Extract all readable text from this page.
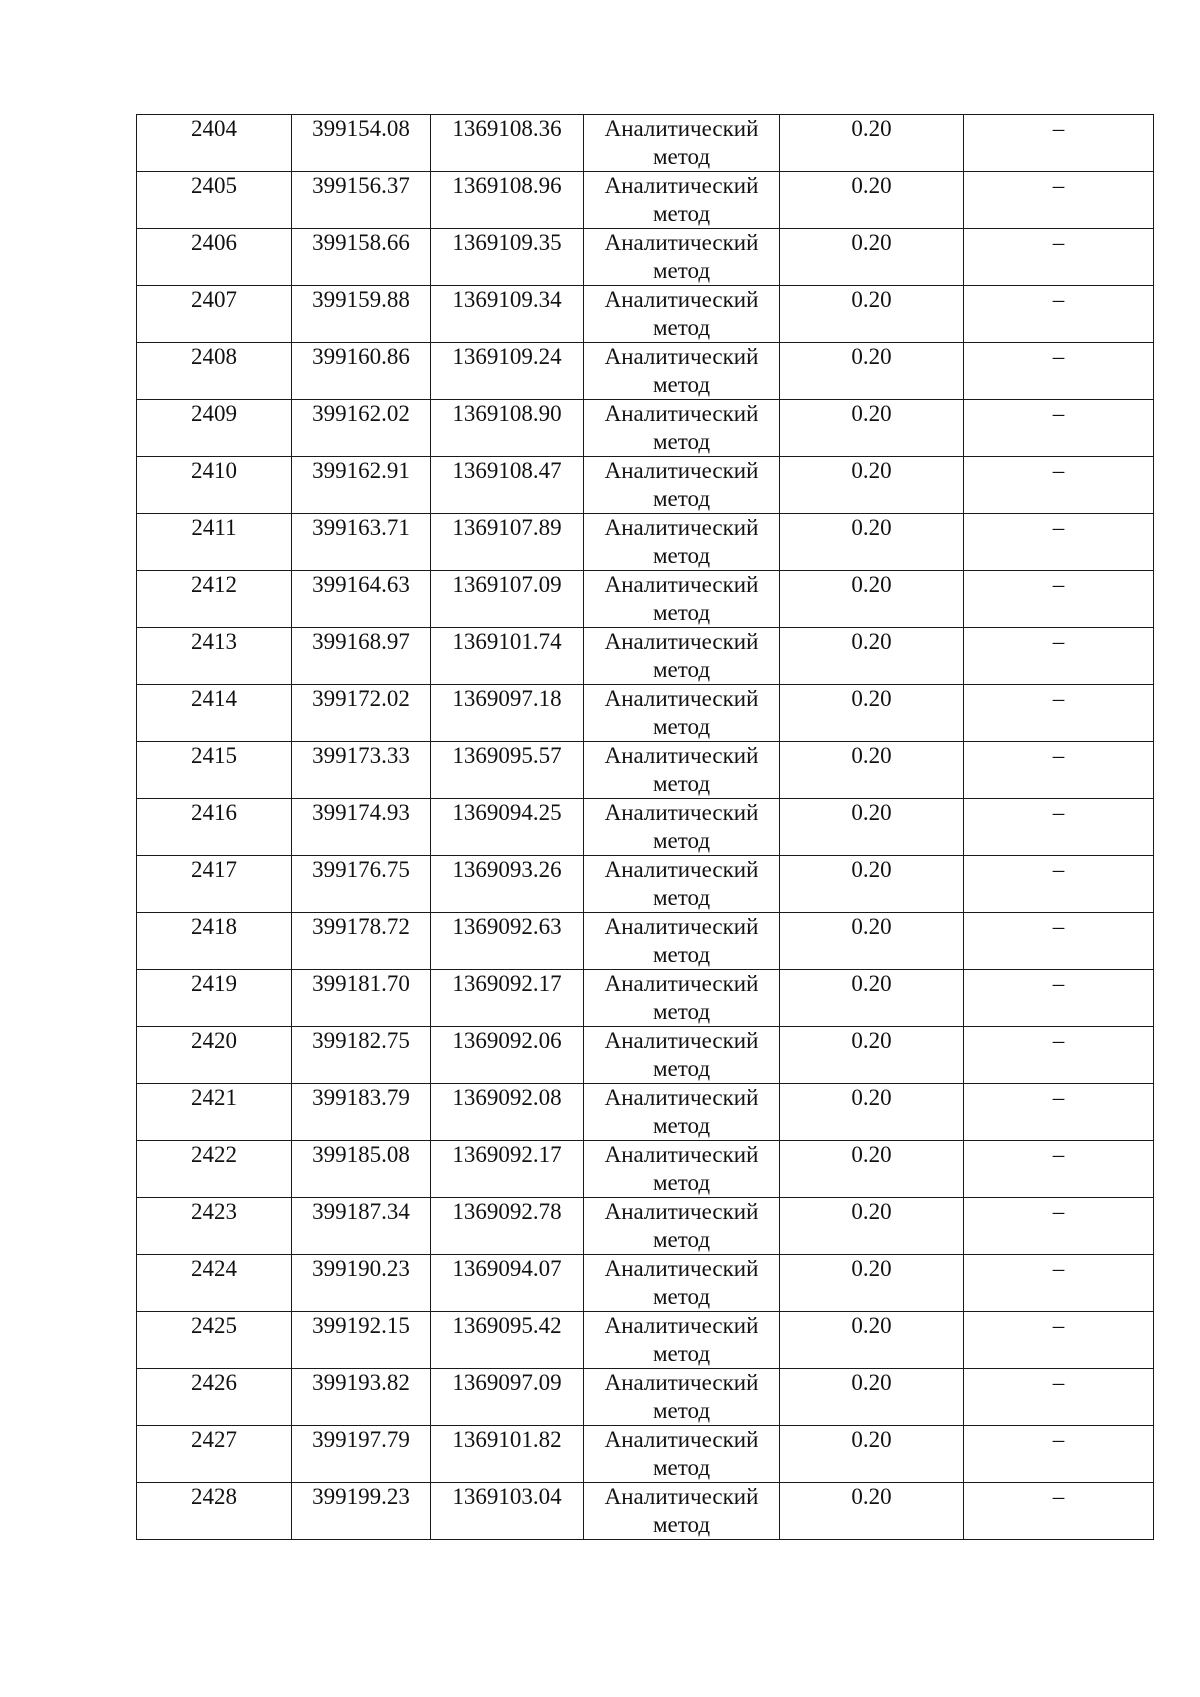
2404	399154.08	1369108.36	Аналитический
метод	0.20	–

2405	399156.37	1369108.96	Аналитический
метод	0.20	–

2406	399158.66	1369109.35	Аналитический
метод	0.20	–

2407	399159.88	1369109.34	Аналитический
метод	0.20	–

2408	399160.86	1369109.24	Аналитический
метод	0.20	–

2409	399162.02	1369108.90	Аналитический
метод	0.20	–

2410	399162.91	1369108.47	Аналитический
метод	0.20	–

2411	399163.71	1369107.89	Аналитический
метод	0.20	–

2412	399164.63	1369107.09	Аналитический
метод	0.20	–

2413	399168.97	1369101.74	Аналитический
метод	0.20	–

2414	399172.02	1369097.18	Аналитический
метод	0.20	–

2415	399173.33	1369095.57	Аналитический
метод	0.20	–

2416	399174.93	1369094.25	Аналитический
метод	0.20	–

2417	399176.75	1369093.26	Аналитический
метод	0.20	–

2418	399178.72	1369092.63	Аналитический
метод	0.20	–

2419	399181.70	1369092.17	Аналитический
метод	0.20	–

2420	399182.75	1369092.06	Аналитический
метод	0.20	–

2421	399183.79	1369092.08	Аналитический
метод	0.20	–

2422	399185.08	1369092.17	Аналитический
метод	0.20	–

2423	399187.34	1369092.78	Аналитический
метод	0.20	–

2424	399190.23	1369094.07	Аналитический
метод	0.20	–

2425	399192.15	1369095.42	Аналитический
метод	0.20	–

2426	399193.82	1369097.09	Аналитический
метод	0.20	–

2427	399197.79	1369101.82	Аналитический
метод	0.20	–

2428	399199.23	1369103.04	Аналитический
метод	0.20	–
